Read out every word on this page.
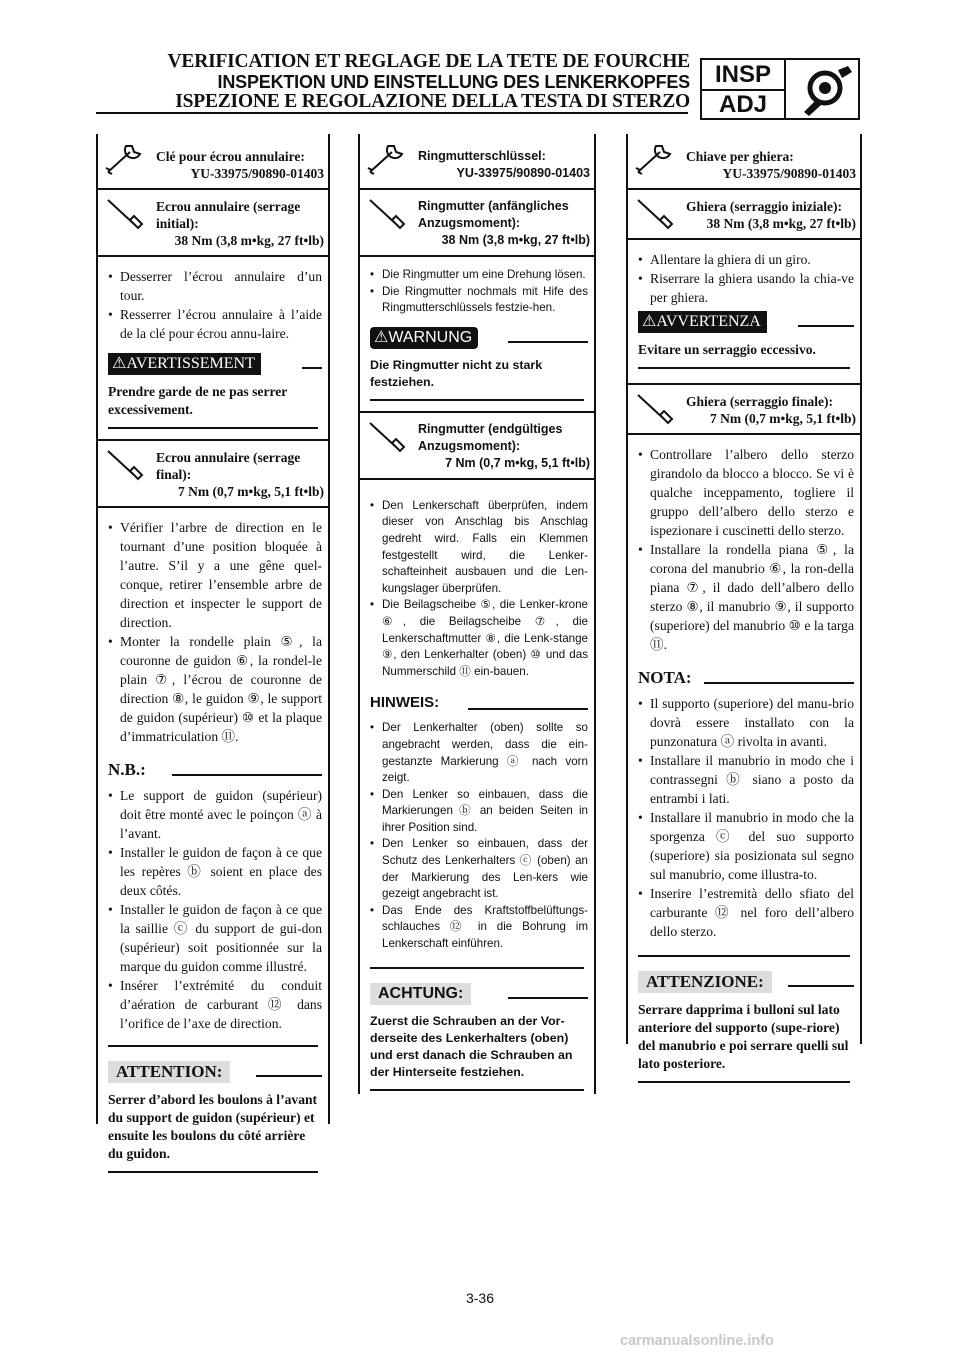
VERIFICATION ET REGLAGE DE LA TETE DE FOURCHE
INSPEKTION UND EINSTELLUNG DES LENKERKOPFES
ISPEZIONE E REGOLAZIONE DELLA TESTA DI STERZO
INSP
ADJ
Clé pour écrou annulaire:
YU-33975/90890-01403
Ecrou annulaire (serrage initial):
38 Nm (3,8 m•kg, 27 ft•lb)
• Desserrer l’écrou annulaire d’un tour.
• Resserrer l’écrou annulaire à l’aide de la clé pour écrou annu-laire.
⚠AVERTISSEMENT
Prendre garde de ne pas serrer excessivement.
Ecrou annulaire (serrage final):
7 Nm (0,7 m•kg, 5,1 ft•lb)
• Vérifier l’arbre de direction en le tournant d’une position bloquée à l’autre. S’il y a une gêne quel-conque, retirer l’ensemble arbre de direction et inspecter le support de direction.
• Monter la rondelle plain ⑤, la couronne de guidon ⑥, la rondel-le plain ⑦, l’écrou de couronne de direction ⑧, le guidon ⑨, le support de guidon (supérieur) ⑩ et la plaque d’immatriculation ⑪.
N.B.:
• Le support de guidon (supérieur) doit être monté avec le poinçon ⓐ à l’avant.
• Installer le guidon de façon à ce que les repères ⓑ soient en place des deux côtés.
• Installer le guidon de façon à ce que la saillie ⓒ du support de gui-don (supérieur) soit positionnée sur la marque du guidon comme illustré.
• Insérer l’extrémité du conduit d’aération de carburant ⑫ dans l’orifice de l’axe de direction.
ATTENTION:
Serrer d’abord les boulons à l’avant du support de guidon (supérieur) et ensuite les boulons du côté arrière du guidon.
Ringmutterschlüssel:
YU-33975/90890-01403
Ringmutter (anfängliches Anzugsmoment):
38 Nm (3,8 m•kg, 27 ft•lb)
• Die Ringmutter um eine Drehung lösen.
• Die Ringmutter nochmals mit Hife des Ringmutterschlüssels festzie-hen.
⚠WARNUNG
Die Ringmutter nicht zu stark festziehen.
Ringmutter (endgültiges Anzugsmoment):
7 Nm (0,7 m•kg, 5,1 ft•lb)
• Den Lenkerschaft überprüfen, indem dieser von Anschlag bis Anschlag gedreht wird. Falls ein Klemmen festgestellt wird, die Lenker-schafteinheit ausbauen und die Len-kungslager überprüfen.
• Die Beilagscheibe ⑤, die Lenker-krone ⑥, die Beilagscheibe ⑦, die Lenkerschaftmutter ⑧, die Lenk-stange ⑨, den Lenkerhalter (oben) ⑩ und das Nummerschild ⑪ ein-bauen.
HINWEIS:
• Der Lenkerhalter (oben) sollte so angebracht werden, dass die ein-gestanzte Markierung ⓐ nach vorn zeigt.
• Den Lenker so einbauen, dass die Markierungen ⓑ an beiden Seiten in ihrer Position sind.
• Den Lenker so einbauen, dass der Schutz des Lenkerhalters ⓒ (oben) an der Markierung des Len-kers wie gezeigt angebracht ist.
• Das Ende des Kraftstoffbelüftungs-schlauches ⑫ in die Bohrung im Lenkerschaft einführen.
ACHTUNG:
Zuerst die Schrauben an der Vor-derseite des Lenkerhalters (oben) und erst danach die Schrauben an der Hinterseite festziehen.
Chiave per ghiera:
YU-33975/90890-01403
Ghiera (serraggio iniziale):
38 Nm (3,8 m•kg, 27 ft•lb)
• Allentare la ghiera di un giro.
• Riserrare la ghiera usando la chia-ve per ghiera.
⚠AVVERTENZA
Evitare un serraggio eccessivo.
Ghiera (serraggio finale):
7 Nm (0,7 m•kg, 5,1 ft•lb)
• Controllare l’albero dello sterzo girandolo da blocco a blocco. Se vi è qualche inceppamento, togliere il gruppo dell’albero dello sterzo e ispezionare i cuscinetti dello sterzo.
• Installare la rondella piana ⑤, la corona del manubrio ⑥, la ron-della piana ⑦, il dado dell’albero dello sterzo ⑧, il manubrio ⑨, il supporto (superiore) del manubrio ⑩ e la targa ⑪.
NOTA:
• Il supporto (superiore) del manu-brio dovrà essere installato con la punzonatura ⓐ rivolta in avanti.
• Installare il manubrio in modo che i contrassegni ⓑ siano a posto da entrambi i lati.
• Installare il manubrio in modo che la sporgenza ⓒ del suo supporto (superiore) sia posizionata sul segno sul manubrio, come illustra-to.
• Inserire l’estremità dello sfiato del carburante ⑫ nel foro dell’albero dello sterzo.
ATTENZIONE:
Serrare dapprima i bulloni sul lato anteriore del supporto (supe-riore) del manubrio e poi serrare quelli sul lato posteriore.
3-36
carmanualsonline.info
